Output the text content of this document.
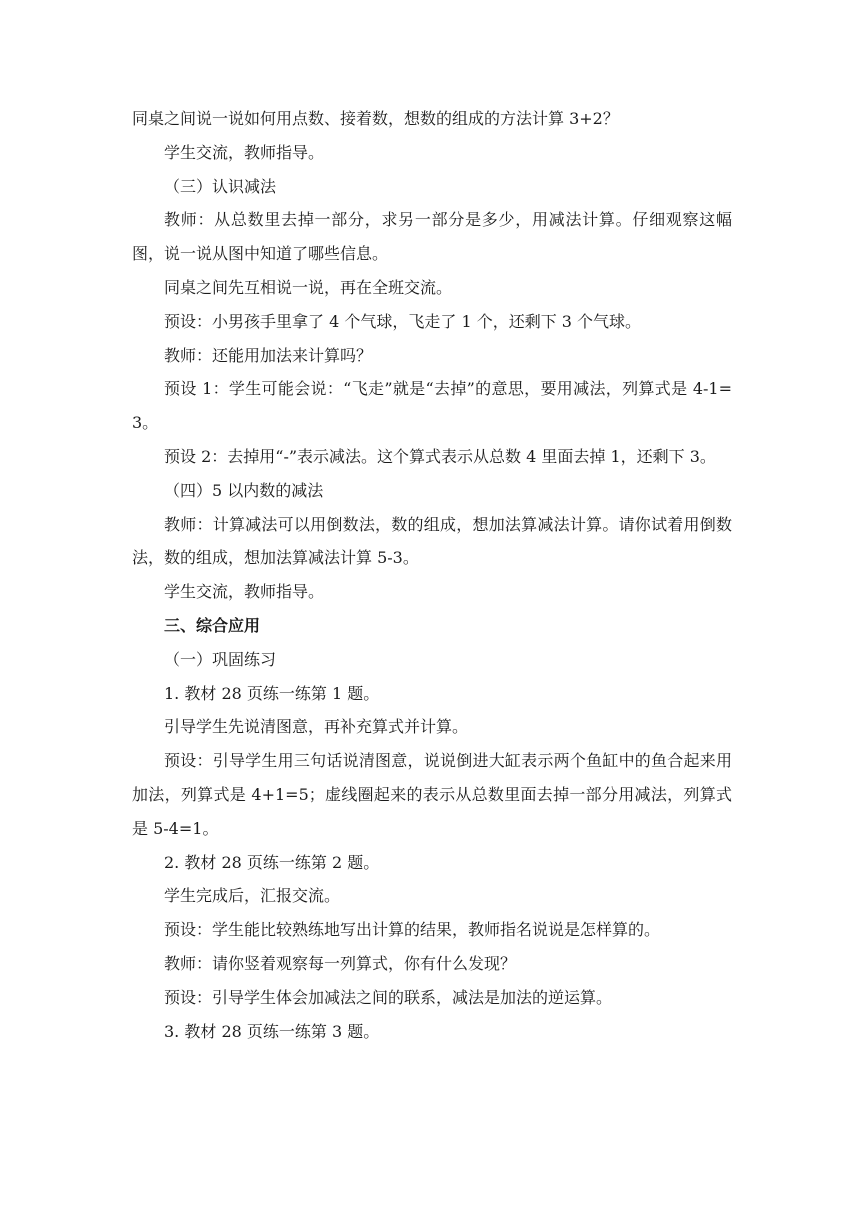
同桌之间说一说如何用点数、接着数，想数的组成的方法计算 3+2？

学生交流，教师指导。

（三）认识减法

教师：从总数里去掉一部分，求另一部分是多少，用减法计算。仔细观察这幅图，说一说从图中知道了哪些信息。

同桌之间先互相说一说，再在全班交流。

预设：小男孩手里拿了 4 个气球，飞走了 1 个，还剩下 3 个气球。

教师：还能用加法来计算吗？

预设 1：学生可能会说：“飞走”就是“去掉”的意思，要用减法，列算式是 4-1=3。

预设 2：去掉用“-”表示减法。这个算式表示从总数 4 里面去掉 1，还剩下 3。

（四）5 以内数的减法

教师：计算减法可以用倒数法，数的组成，想加法算减法计算。请你试着用倒数法，数的组成，想加法算减法计算 5-3。

学生交流，教师指导。

三、综合应用

（一）巩固练习

1. 教材 28 页练一练第 1 题。

引导学生先说清图意，再补充算式并计算。

预设：引导学生用三句话说清图意，说说倒进大缸表示两个鱼缸中的鱼合起来用加法，列算式是 4+1=5；虚线圈起来的表示从总数里面去掉一部分用减法，列算式是 5-4=1。

2. 教材 28 页练一练第 2 题。

学生完成后，汇报交流。

预设：学生能比较熟练地写出计算的结果，教师指名说说是怎样算的。

教师：请你竖着观察每一列算式，你有什么发现？

预设：引导学生体会加减法之间的联系，减法是加法的逆运算。

3. 教材 28 页练一练第 3 题。
